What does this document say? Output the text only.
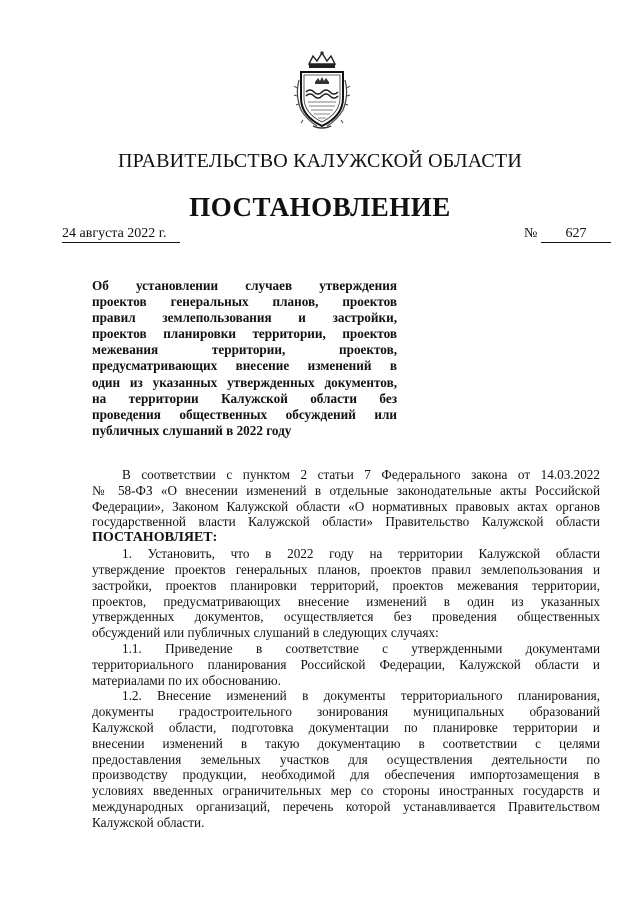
ПРАВИТЕЛЬСТВО КАЛУЖСКОЙ ОБЛАСТИ
ПОСТАНОВЛЕНИЕ
24 августа 2022 г.	№	627
Об установлении случаев утверждения
проектов генеральных планов, проектов
правил землепользования и застройки,
проектов планировки территории, проектов
межевания территории, проектов,
предусматривающих внесение изменений в
один из указанных утвержденных документов,
на территории Калужской области без
проведения общественных обсуждений или
публичных слушаний в 2022 году
В соответствии с пунктом 2 статьи 7 Федерального закона от 14.03.2022
№ 58-ФЗ «О внесении изменений в отдельные законодательные акты Российской
Федерации», Законом Калужской области «О нормативных правовых актах органов
государственной власти Калужской области» Правительство Калужской области
ПОСТАНОВЛЯЕТ:
1. Установить, что в 2022 году на территории Калужской области
утверждение проектов генеральных планов, проектов правил землепользования и
застройки, проектов планировки территорий, проектов межевания территории,
проектов, предусматривающих внесение изменений в один из указанных
утвержденных документов, осуществляется без проведения общественных
обсуждений или публичных слушаний в следующих случаях:
1.1. Приведение в соответствие с утвержденными документами
территориального планирования Российской Федерации, Калужской области и
материалами по их обоснованию.
1.2. Внесение изменений в документы территориального планирования,
документы градостроительного зонирования муниципальных образований
Калужской области, подготовка документации по планировке территории и
внесении изменений в такую документацию в соответствии с целями
предоставления земельных участков для осуществления деятельности по
производству продукции, необходимой для обеспечения импортозамещения в
условиях введенных ограничительных мер со стороны иностранных государств и
международных организаций, перечень которой устанавливается Правительством
Калужской области.
